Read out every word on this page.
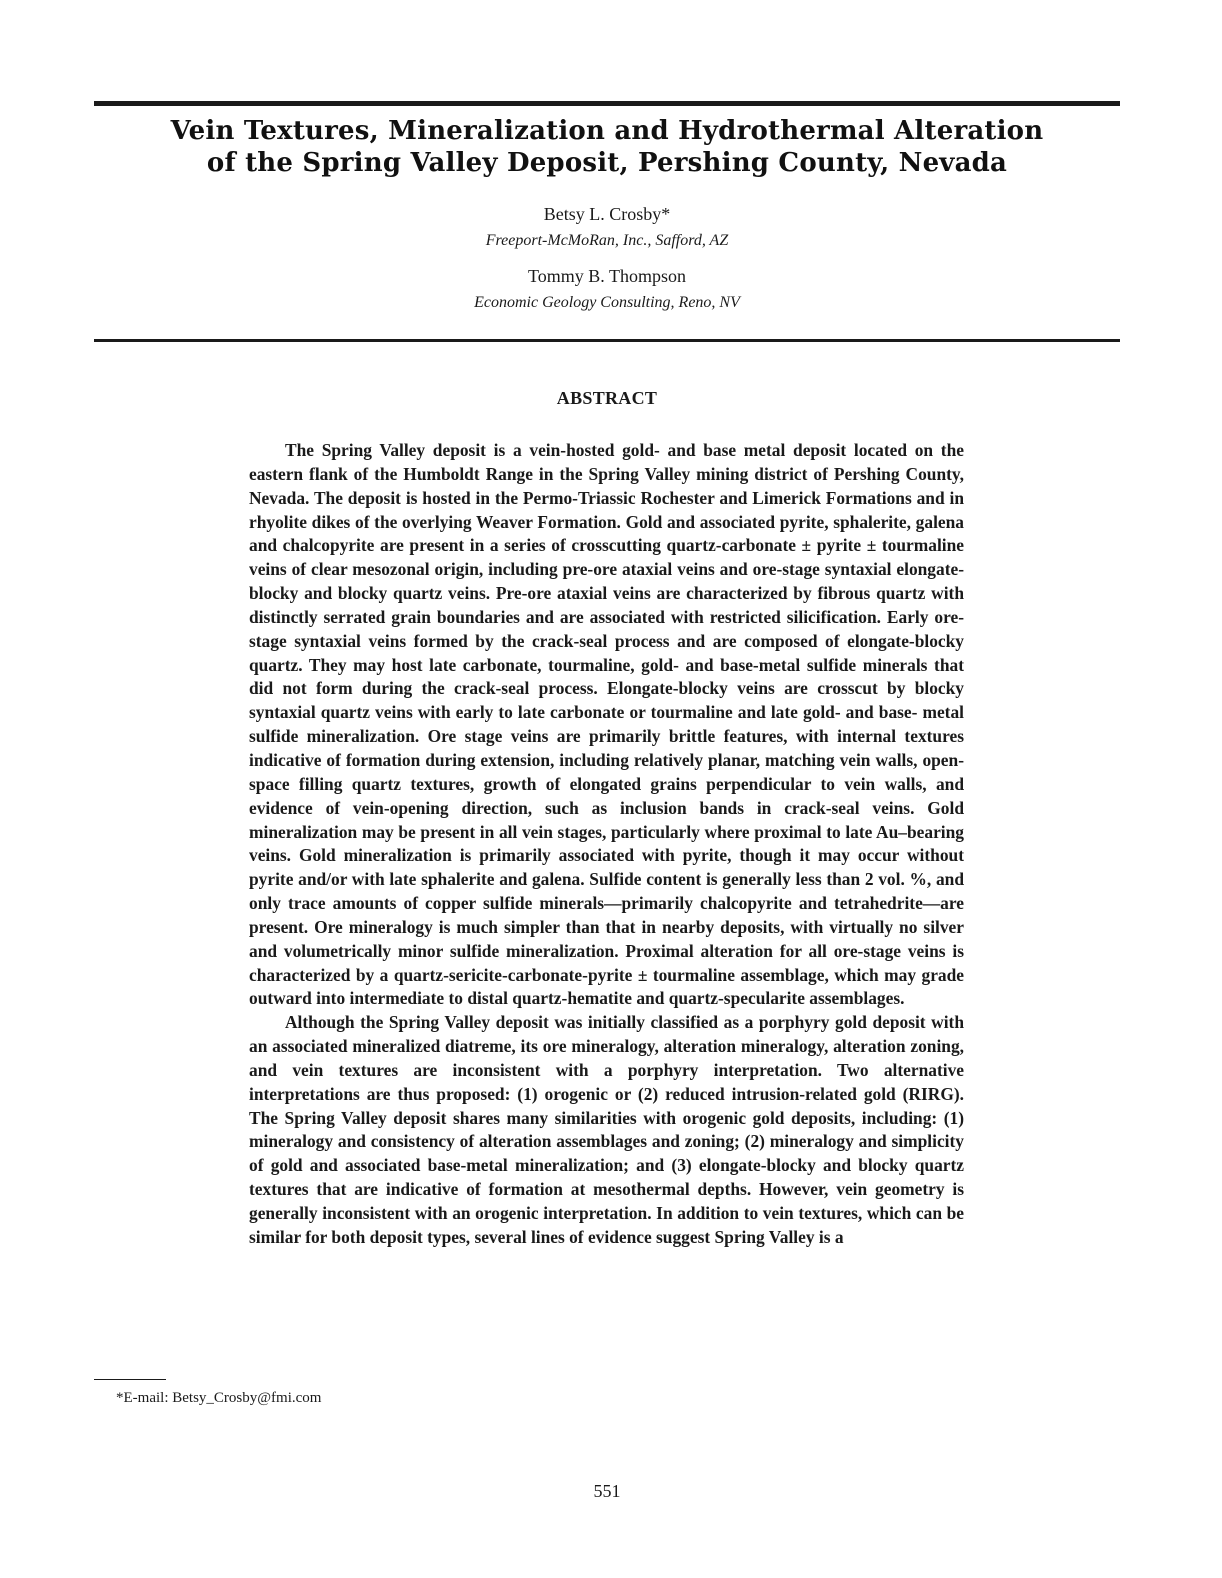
Vein Textures, Mineralization and Hydrothermal Alteration
of the Spring Valley Deposit, Pershing County, Nevada
Betsy L. Crosby*
Freeport-McMoRan, Inc., Safford, AZ
Tommy B. Thompson
Economic Geology Consulting, Reno, NV
ABSTRACT

The Spring Valley deposit is a vein-hosted gold- and base metal deposit located on the eastern flank of the Humboldt Range in the Spring Valley mining district of Pershing County, Nevada. The deposit is hosted in the Permo-Triassic Rochester and Limerick Formations and in rhyolite dikes of the overlying Weaver Formation. Gold and associated pyrite, sphalerite, galena and chalcopyrite are present in a series of crosscutting quartz-carbonate ± pyrite ± tourmaline veins of clear mesozonal origin, including pre-ore ataxial veins and ore-stage syntaxial elongate-blocky and blocky quartz veins. Pre-ore ataxial veins are characterized by fibrous quartz with distinctly serrated grain boundaries and are associated with restricted silicification. Early ore-stage syntaxial veins formed by the crack-seal process and are composed of elongate-blocky quartz. They may host late carbonate, tourmaline, gold- and base-metal sulfide minerals that did not form during the crack-seal process. Elongate-blocky veins are crosscut by blocky syntaxial quartz veins with early to late carbonate or tourmaline and late gold- and base- metal sulfide mineralization. Ore stage veins are primarily brittle features, with internal textures indicative of formation during extension, including relatively planar, matching vein walls, open-space filling quartz textures, growth of elongated grains perpendicular to vein walls, and evidence of vein-opening direction, such as inclusion bands in crack-seal veins. Gold mineralization may be present in all vein stages, particularly where proximal to late Au–bearing veins. Gold mineralization is primarily associated with pyrite, though it may occur without pyrite and/or with late sphalerite and galena. Sulfide content is generally less than 2 vol. %, and only trace amounts of copper sulfide minerals—primarily chalcopyrite and tetrahedrite—are present. Ore mineralogy is much simpler than that in nearby deposits, with virtually no silver and volumetrically minor sulfide mineralization. Proximal alteration for all ore-stage veins is characterized by a quartz-sericite-carbonate-pyrite ± tourmaline assemblage, which may grade outward into intermediate to distal quartz-hematite and quartz-specularite assemblages.

Although the Spring Valley deposit was initially classified as a porphyry gold deposit with an associated mineralized diatreme, its ore mineralogy, alteration mineralogy, alteration zoning, and vein textures are inconsistent with a porphyry interpretation. Two alternative interpretations are thus proposed: (1) orogenic or (2) reduced intrusion-related gold (RIRG). The Spring Valley deposit shares many similarities with orogenic gold deposits, including: (1) mineralogy and consistency of alteration assemblages and zoning; (2) mineralogy and simplicity of gold and associated base-metal mineralization; and (3) elongate-blocky and blocky quartz textures that are indicative of formation at mesothermal depths. However, vein geometry is generally inconsistent with an orogenic interpretation. In addition to vein textures, which can be similar for both deposit types, several lines of evidence suggest Spring Valley is a

*E-mail: Betsy_Crosby@fmi.com
551
